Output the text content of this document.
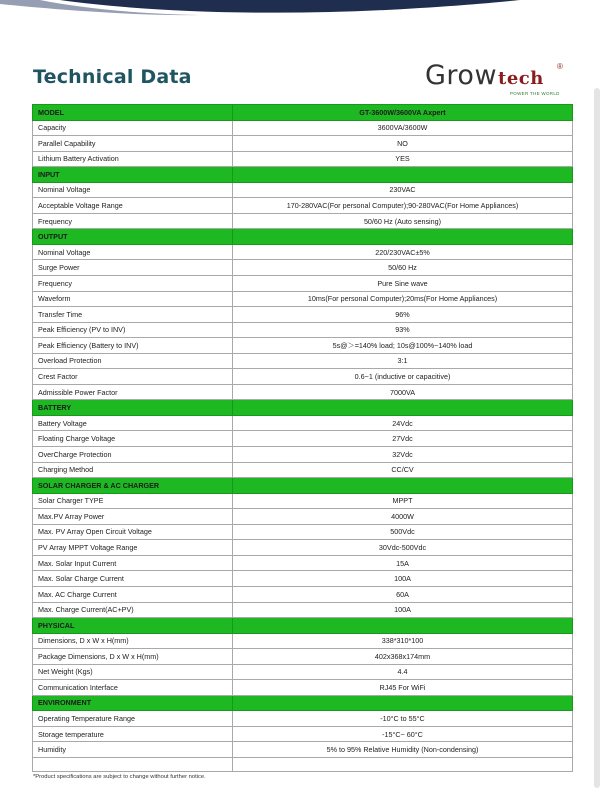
Technical Data	Growtech
®
POWER THE WORLD
MODEL	GT-3600W/3600VA Axpert
Capacity	3600VA/3600W
Parallel Capability	NO
Lithium Battery Activation	YES
INPUT	
Nominal Voltage	230VAC
Acceptable Voltage Range	170-280VAC(For personal Computer);90-280VAC(For Home Appliances)
Frequency	50/60 Hz (Auto sensing)
OUTPUT	
Nominal Voltage	220/230VAC±5%
Surge Power	50/60 Hz
Frequency	Pure Sine wave
Waveform	10ms(For personal Computer);20ms(For Home Appliances)
Transfer Time	96%
Peak Efficiency (PV to INV)	93%
Peak Efficiency (Battery to INV)	5s@＞=140% load; 10s@100%~140% load
Overload Protection	3:1
Crest Factor	0.6~1 (inductive or capacitive)
Admissible Power Factor	7000VA
BATTERY	
Battery Voltage	24Vdc
Floating Charge Voltage	27Vdc
OverCharge Protection	32Vdc
Charging Method	CC/CV
SOLAR CHARGER & AC CHARGER	
Solar Charger TYPE	MPPT
Max.PV Array Power	4000W
Max. PV Array Open Circuit Voltage	500Vdc
PV Array MPPT Voltage Range	30Vdc-500Vdc
Max. Solar Input Current	15A
Max. Solar Charge Current	100A
Max. AC Charge Current	60A
Max. Charge Current(AC+PV)	100A
PHYSICAL	
Dimensions, D x W x H(mm)	338*310*100
Package Dimensions, D x W x H(mm)	402x368x174mm
Net Weight (Kgs)	4.4
Communication Interface	RJ45 For WiFi
ENVIRONMENT	
Operating Temperature Range	-10°C to 55°C
Storage temperature	-15°C~ 60°C
Humidity	5% to 95% Relative Humidity (Non-condensing)

*Product specifications are subject to change without further notice.
